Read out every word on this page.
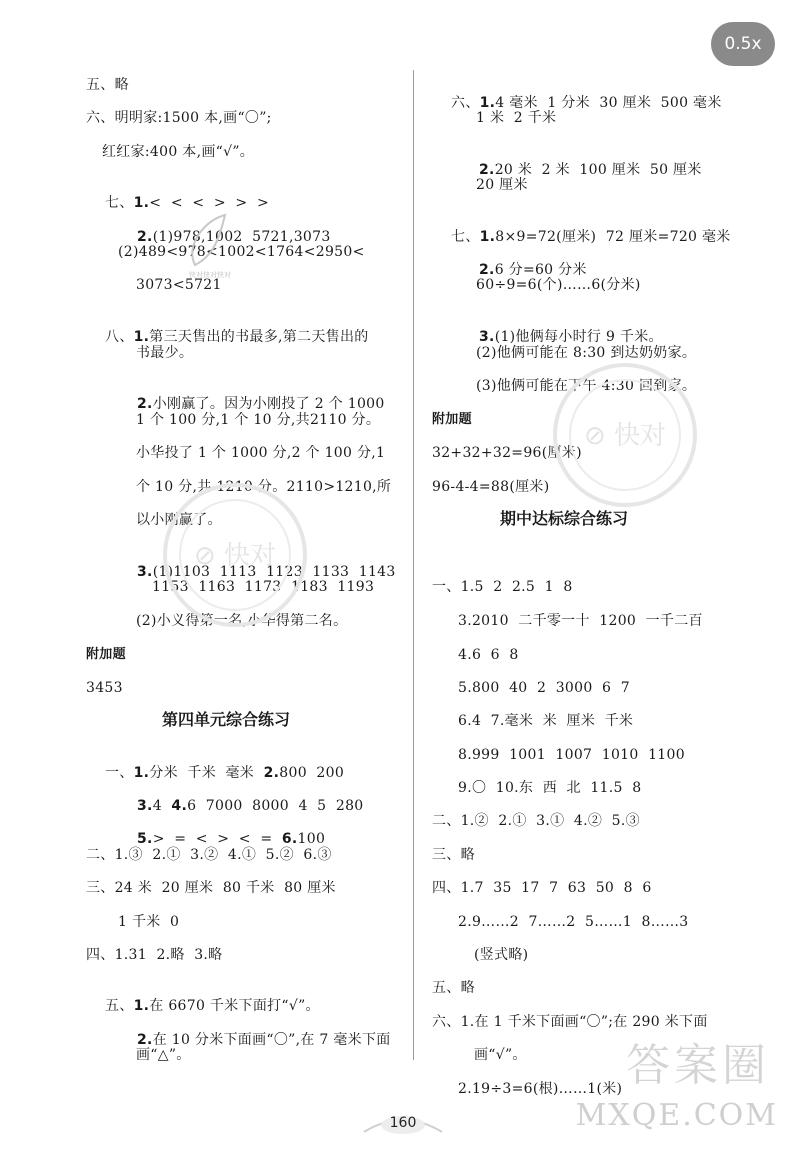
0.5x
五、略
六、明明家:1500 本,画“〇”;
红红家:400 本,画“√”。

七、1.<  <  <  >  >  >

2.(1)978,1002  5721,3073

(2)489<978<1002<1764<2950<
3073<5721

八、1.第三天售出的书最多,第二天售出的

书最少。

2.小刚赢了。因为小刚投了 2 个 1000

1 个 100 分,1 个 10 分,共2110 分。
小华投了 1 个 1000 分,2 个 100 分,1
个 10 分,共 1210 分。2110>1210,所
以小刚赢了。

3.(1)1103  1113  1123  1133  1143

1153  1163  1173  1183  1193
(2)小义得第一名,小华得第二名。
附加题
3453
第四单元综合练习

一、1.分米  千米  毫米  2.800  200

3.4  4.6  7000  8000  4  5  280

5.>  =  <  >  <  =  6.100

二、1.③  2.①  3.②  4.①  5.②  6.③
三、24 米  20 厘米  80 千米  80 厘米
1 千米  0
四、1.31  2.略  3.略

五、1.在 6670 千米下面打“√”。

2.在 10 分米下面画“〇”,在 7 毫米下面

画“△”。

六、1.4 毫米  1 分米  30 厘米  500 毫米

1 米  2 千米

2.20 米  2 米  100 厘米  50 厘米

20 厘米

七、1.8×9=72(厘米)  72 厘米=720 毫米

2.6 分=60 分米

60÷9=6(个)……6(分米)

3.(1)他俩每小时行 9 千米。

(2)他俩可能在 8:30 到达奶奶家。
(3)他俩可能在下午 4:30 回到家。
附加题
32+32+32=96(厘米)
96-4-4=88(厘米)
期中达标综合练习
一、1.5  2  2.5  1  8
3.2010  二千零一十  1200  一千二百
4.6  6  8
5.800  40  2  3000  6  7
6.4  7.毫米  米  厘米  千米
8.999  1001  1007  1010  1100
9.〇  10.东  西  北  11.5  8
二、1.②  2.①  3.①  4.②  5.③
三、略
四、1.7  35  17  7  63  50  8  6
2.9……2  7……2  5……1  8……3
(竖式略)
五、略
六、1.在 1 千米下面画“〇”;在 290 米下面
画“√”。
2.19÷3=6(根)……1(米)
⊘ 快对
⊘ 快对
快对快对快对
160
答案圈
MXQE.COM
